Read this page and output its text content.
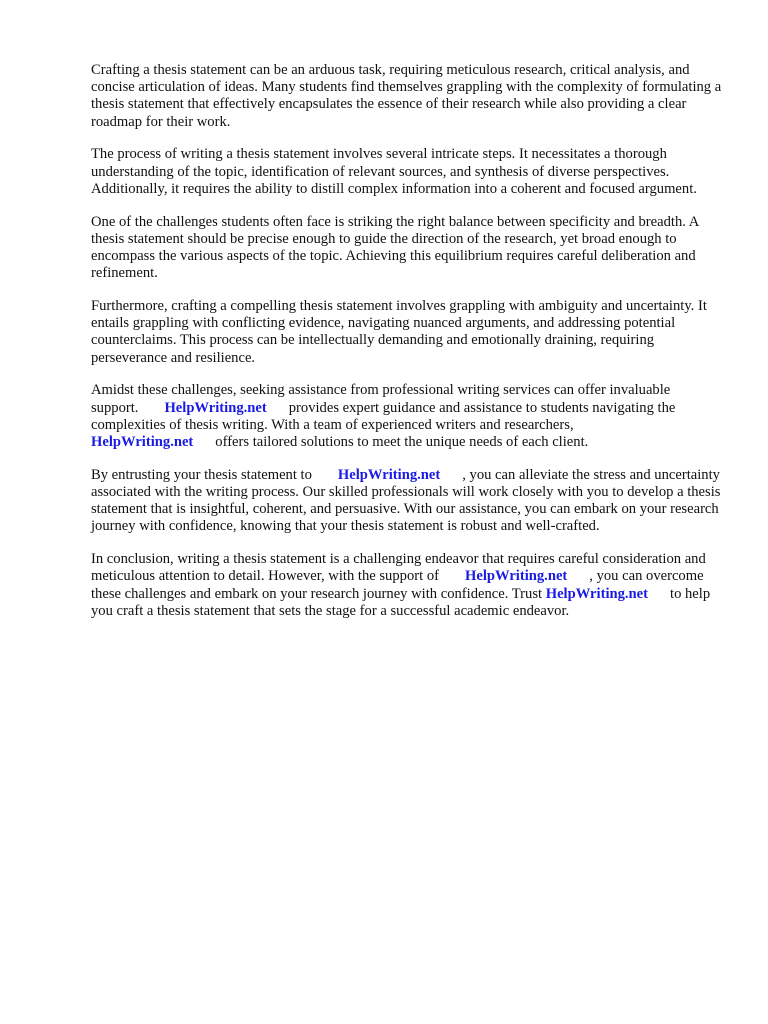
Crafting a thesis statement can be an arduous task, requiring meticulous research, critical analysis, and concise articulation of ideas. Many students find themselves grappling with the complexity of formulating a thesis statement that effectively encapsulates the essence of their research while also providing a clear roadmap for their work.

The process of writing a thesis statement involves several intricate steps. It necessitates a thorough understanding of the topic, identification of relevant sources, and synthesis of diverse perspectives. Additionally, it requires the ability to distill complex information into a coherent and focused argument.

One of the challenges students often face is striking the right balance between specificity and breadth. A thesis statement should be precise enough to guide the direction of the research, yet broad enough to encompass the various aspects of the topic. Achieving this equilibrium requires careful deliberation and refinement.

Furthermore, crafting a compelling thesis statement involves grappling with ambiguity and uncertainty. It entails grappling with conflicting evidence, navigating nuanced arguments, and addressing potential counterclaims. This process can be intellectually demanding and emotionally draining, requiring perseverance and resilience.

Amidst these challenges, seeking assistance from professional writing services can offer invaluable support. HelpWriting.net provides expert guidance and assistance to students navigating the complexities of thesis writing. With a team of experienced writers and researchers, HelpWriting.net offers tailored solutions to meet the unique needs of each client.

By entrusting your thesis statement to HelpWriting.net , you can alleviate the stress and uncertainty associated with the writing process. Our skilled professionals will work closely with you to develop a thesis statement that is insightful, coherent, and persuasive. With our assistance, you can embark on your research journey with confidence, knowing that your thesis statement is robust and well-crafted.

In conclusion, writing a thesis statement is a challenging endeavor that requires careful consideration and meticulous attention to detail. However, with the support of HelpWriting.net , you can overcome these challenges and embark on your research journey with confidence. Trust HelpWriting.net to help you craft a thesis statement that sets the stage for a successful academic endeavor.
